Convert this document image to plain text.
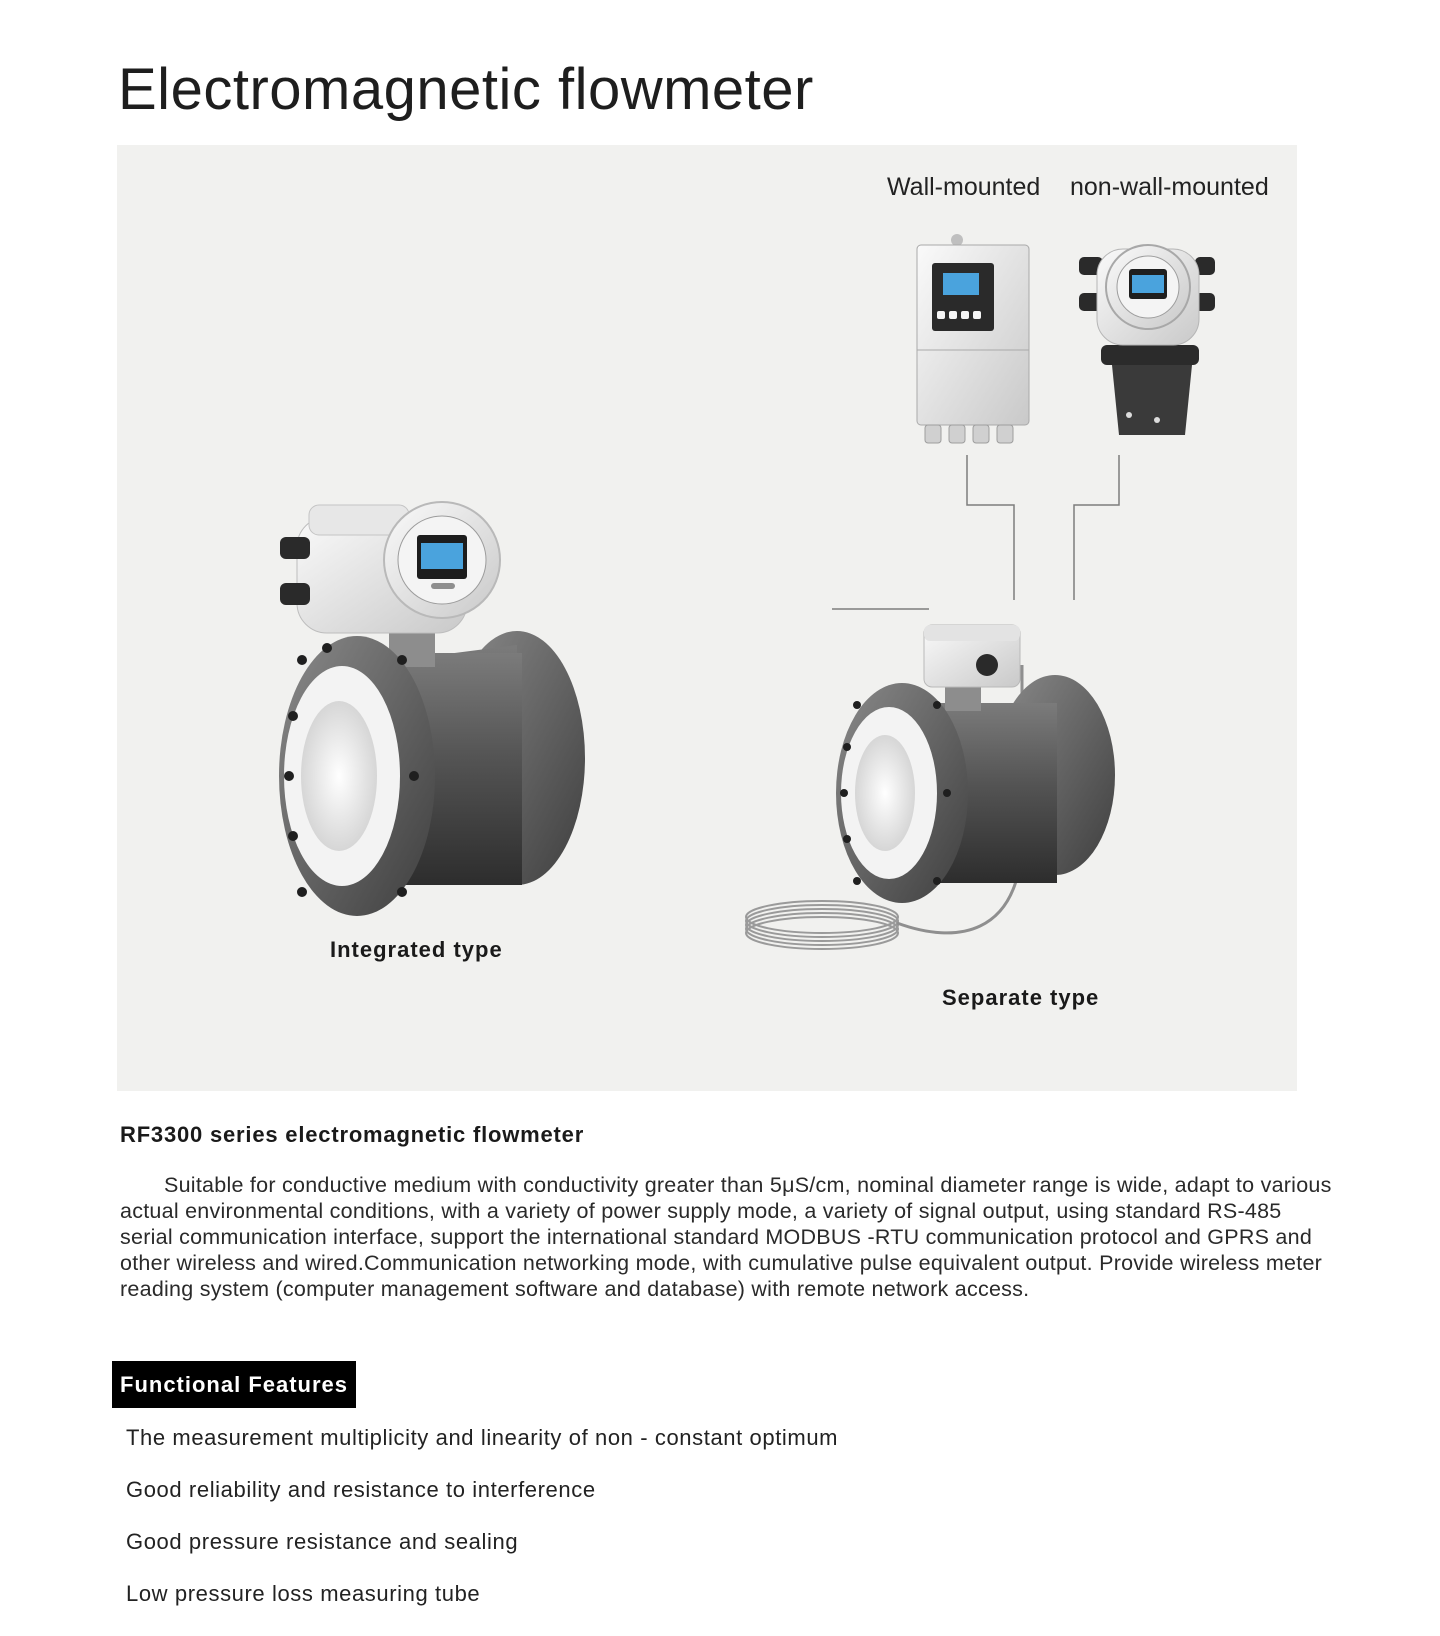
Electromagnetic flowmeter
Wall-mounted non-wall-mounted
Integrated type
Separate type
RF3300 series electromagnetic flowmeter

Suitable for conductive medium with conductivity greater than 5μS/cm, nominal diameter range is wide, adapt to various actual environmental conditions, with a variety of power supply mode, a variety of signal output, using standard RS-485 serial communication interface, support the international standard MODBUS -RTU communication protocol and GPRS and other wireless and wired.Communication networking mode, with cumulative pulse equivalent output. Provide wireless meter reading system (computer management software and database) with remote network access.

Functional Features
The measurement multiplicity and linearity of non - constant optimum
Good reliability and resistance to interference
Good pressure resistance and sealing
Low pressure loss measuring tube
